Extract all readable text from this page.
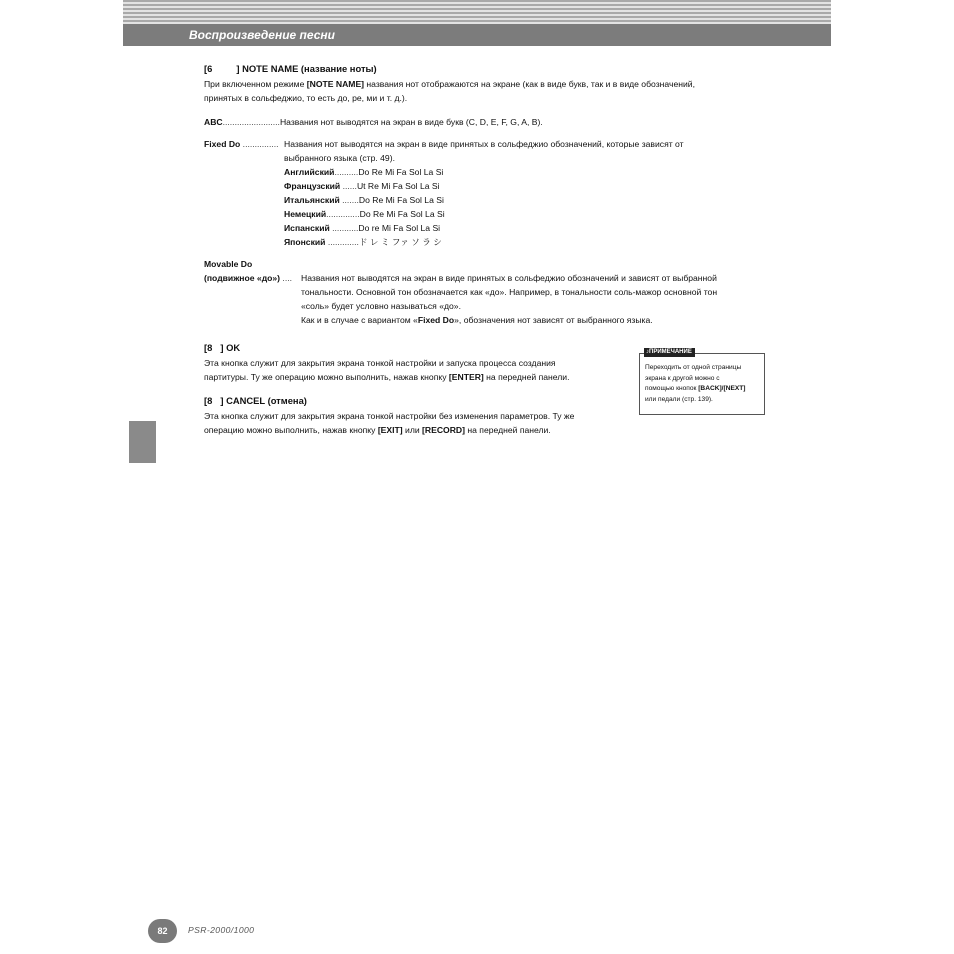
Воспроизведение песни
[6	] NOTE NAME (название ноты)

При включенном режиме [NOTE NAME] названия нот отображаются на экране (как в виде букв, так и в виде обозначений,
принятых в сольфеджио, то есть до, ре, ми и т. д.).

ABC........................ Названия нот выводятся на экран в виде букв (C, D, E, F, G, A, B).
Fixed Do ............... Названия нот выводятся на экран в виде принятых в сольфеджио обозначений, которые зависят от
выбранного языка (стр. 49).
Английский..........Do Re Mi Fa Sol La Si
Французский ......Ut Re Mi Fa Sol La Si
Итальянский .......Do Re Mi Fa Sol La Si
Немецкий..............Do Re Mi Fa Sol La Si
Испанский ...........Do re Mi Fa Sol La Si
Японский .............ド レ ミ ファ ソ ラ シ
Movable Do
(подвижное «до») ....	Названия нот выводятся на экран в виде принятых в сольфеджио обозначений и зависят от выбранной
тональности. Основной тон обозначается как «до». Например, в тональности соль-мажор основной тон
«соль» будет условно называться «до».
Как и в случае с вариантом «Fixed Do», обозначения нот зависят от выбранного языка.
[8 ] OK

Эта кнопка служит для закрытия экрана тонкой настройки и запуска процесса создания
партитуры. Ту же операцию можно выполнить, нажав кнопку [ENTER] на передней панели.

[8 ] CANCEL (отмена)

Эта кнопка служит для закрытия экрана тонкой настройки без изменения параметров. Ту же
операцию можно выполнить, нажав кнопку [EXIT] или [RECORD] на передней панели.

♪ПРИМЕЧАНИЕ
Переходить от одной страницы
экрана к другой можно с
помощью кнопок [BACK]/[NEXT]
или педали (стр. 139).
82	PSR-2000/1000
